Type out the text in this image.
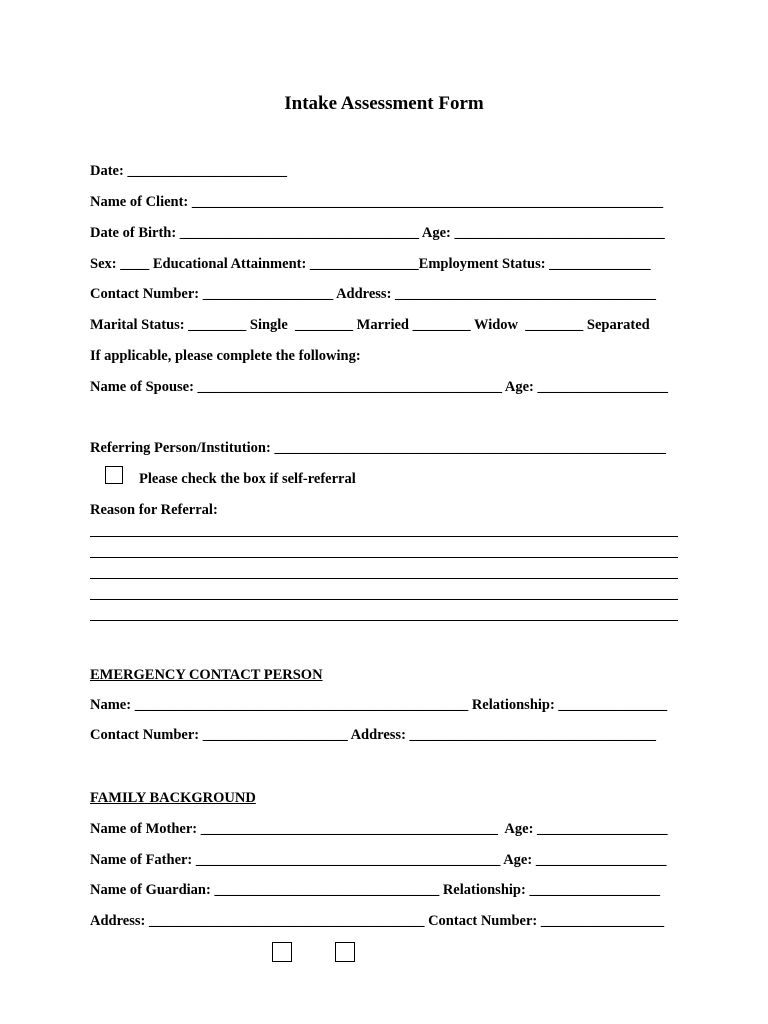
Intake Assessment Form
Date: ______________________
Name of Client: _________________________________________________________________
Date of Birth: _________________________________ Age: _____________________________
Sex: ____ Educational Attainment: _______________Employment Status: ______________
Contact Number: __________________ Address: ____________________________________
Marital Status: ________ Single  ________ Married ________ Widow  ________ Separated
If applicable, please complete the following:
Name of Spouse: __________________________________________ Age: __________________
Referring Person/Institution: ______________________________________________________
Please check the box if self-referral
Reason for Referral:
EMERGENCY CONTACT PERSON
Name: ______________________________________________ Relationship: _______________
Contact Number: ____________________ Address: __________________________________
FAMILY BACKGROUND
Name of Mother: _________________________________________  Age: __________________
Name of Father: __________________________________________ Age: __________________
Name of Guardian: _______________________________ Relationship: __________________
Address: ______________________________________ Contact Number: _________________
